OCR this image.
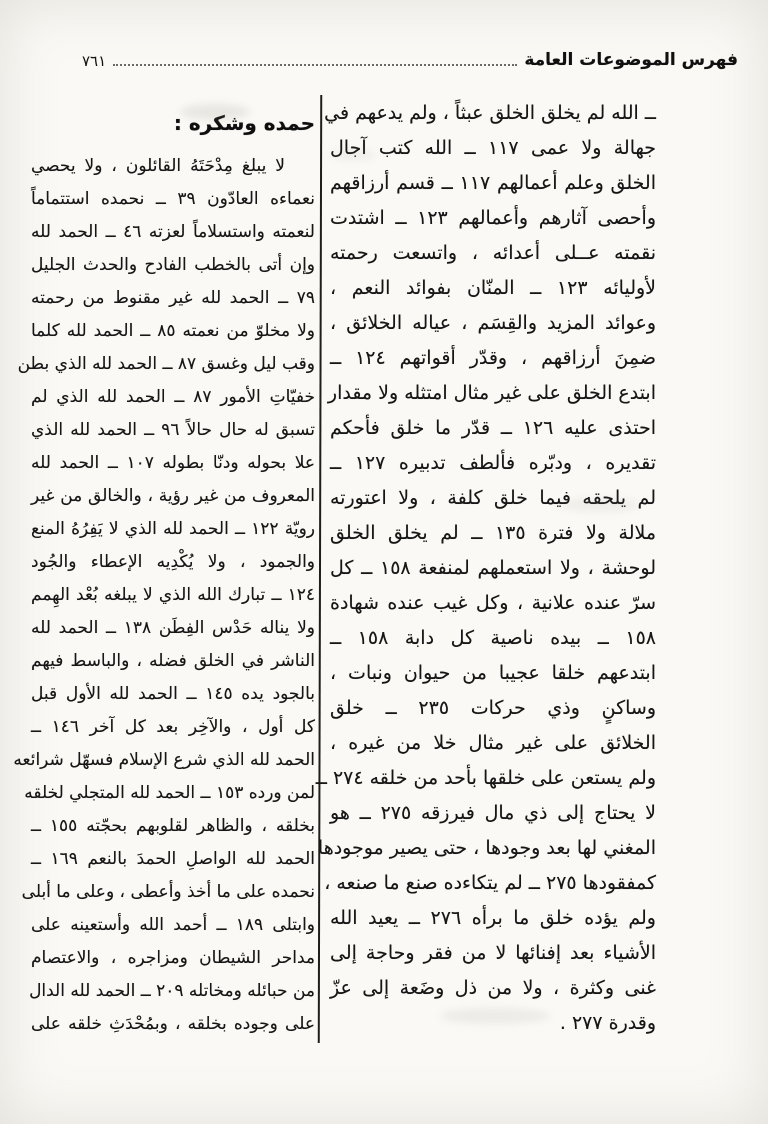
فهرس الموضوعات العامة
٧٦١
ــ الله لم يخلق الخلق عبثاً ، ولم يدعهم في
جهالة ولا عمى ١١٧ ــ الله كتب آجال
الخلق وعلم أعمالهم ١١٧ ــ قسم أرزاقهم
وأحصى آثارهم وأعمالهم ١٢٣ ــ اشتدت
نقمته عــلى أعدائه ، واتسعت رحمته
لأوليائه ١٢٣ ــ المنّان بفوائد النعم ،
وعوائد المزيد والقِسَم ، عياله الخلائق ،
ضمِنَ أرزاقهم ، وقدّر أقواتهم ١٢٤ ــ
ابتدع الخلق على غير مثال امتثله ولا مقدار
احتذى عليه ١٢٦ ــ قدّر ما خلق فأحكم
تقديره ، ودبّره فألطف تدبيره ١٢٧ ــ
لم يلحقه فيما خلق كلفة ، ولا اعتورته
ملالة ولا فترة ١٣٥ ــ لم يخلق الخلق
لوحشة ، ولا استعملهم لمنفعة ١٥٨ ــ كل
سرّ عنده علانية ، وكل غيب عنده شهادة
١٥٨ ــ بيده ناصية كل دابة ١٥٨ ــ
ابتدعهم خلقا عجيبا من حيوان ونبات ،
وساكنٍ وذي حركات ٢٣٥ ــ خلق
الخلائق على غير مثال خلا من غيره ،
ولم يستعن على خلقها بأحد من خلقه ٢٧٤ ــ
لا يحتاج إلى ذي مال فيرزقه ٢٧٥ ــ هو
المغني لها بعد وجودها ، حتى يصير موجودها
كمفقودها ٢٧٥ ــ لم يتكاءده صنع ما صنعه ،
ولم يؤده خلق ما برأه ٢٧٦ ــ يعيد الله
الأشياء بعد إفنائها لا من فقر وحاجة إلى
غنى وكثرة ، ولا من ذل وضَعة إلى عزّ
وقدرة ٢٧٧ .
حمده وشكره :
لا يبلغ مِدْحَتَهُ القائلون ، ولا يحصي
نعماءه العادّون ٣٩ ــ نحمده استتماماً
لنعمته واستسلاماً لعزته ٤٦ ــ الحمد لله
وإن أتى بالخطب الفادح والحدث الجليل
٧٩ ــ الحمد لله غير مقنوط من رحمته
ولا مخلوّ من نعمته ٨٥ ــ الحمد لله كلما
وقب ليل وغسق ٨٧ ــ الحمد لله الذي بطن
خفيّاتِ الأمور ٨٧ ــ الحمد لله الذي لم
تسبق له حال حالاً ٩٦ ــ الحمد لله الذي
علا بحوله ودنّا بطوله ١٠٧ ــ الحمد لله
المعروف من غير رؤية ، والخالق من غير
رويّة ١٢٢ ــ الحمد لله الذي لا يَفِرُهُ المنع
والجمود ، ولا يُكْدِيه الإعطاء والجُود
١٢٤ ــ تبارك الله الذي لا يبلغه بُعْد الهِمم
ولا يناله حَدْس الفِطَن ١٣٨ ــ الحمد لله
الناشر في الخلق فضله ، والباسط فيهم
بالجود يده ١٤٥ ــ الحمد لله الأول قبل
كل أول ، والآخِر بعد كل آخر ١٤٦ ــ
الحمد لله الذي شرع الإسلام فسهّل شرائعه
لمن ورده ١٥٣ ــ الحمد لله المتجلي لخلقه
بخلقه ، والظاهر لقلوبهم بحجّته ١٥٥ ــ
الحمد لله الواصلِ الحمدَ بالنعم ١٦٩ ــ
نحمده على ما أخذ وأعطى ، وعلى ما أبلى
وابتلى ١٨٩ ــ أحمد الله وأستعينه على
مداحر الشيطان ومزاجره ، والاعتصام
من حبائله ومخاتله ٢٠٩ ــ الحمد لله الدال
على وجوده بخلقه ، وبمُحْدَثِ خلقه على
